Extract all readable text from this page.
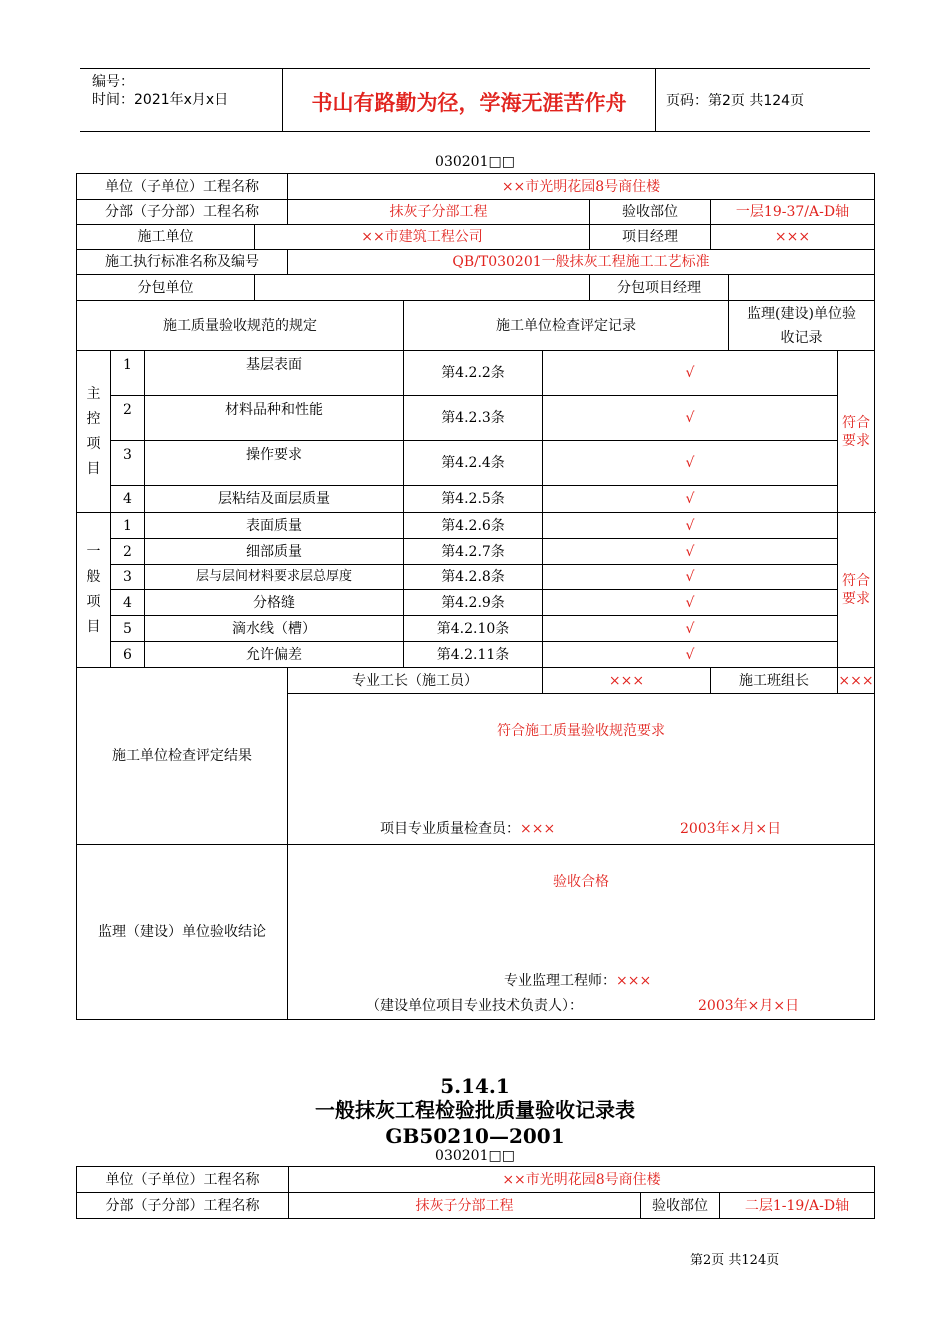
编号：
时间：2021年x月x日	书山有路勤为径，学海无涯苦作舟	页码：第2页 共124页
030201□□
单位（子单位）工程名称				××市光明花园8号商住楼						
分部（子分部）工程名称				抹灰子分部工程			验收部位	一层19-37/A-D轴		
施工单位			××市建筑工程公司				项目经理	×××		
施工执行标准名称及编号				QB/T030201一般抹灰工程施工工艺标准						
分包单位							分包项目经理			
施工质量验收规范的规定					施工单位检查评定记录				监理(建设)单位验
收记录	
主
控
项
目	1	基层表面			第4.2.2条	√				符合要求
	2	材料品种和性能			第4.2.3条	√				
	3	操作要求			第4.2.4条	√				
	4	层粘结及面层质量			第4.2.5条	√				
一
般
项
目	1	表面质量			第4.2.6条	√				符合要求
	2	细部质量			第4.2.7条	√				
	3	层与层间材料要求层总厚度			第4.2.8条	√				
	4	分格缝			第4.2.9条	√				
	5	滴水线（槽）			第4.2.10条	√				
	6	允许偏差			第4.2.11条	√				
施工单位检查评定结果				专业工长（施工员）		×××		施工班组长		×××

				符合施工质量验收规范要求
项目专业质量检查员：××× 2003年×月×日						

监理（建设）单位验收结论				验收合格
专业监理工程师：×××
（建设单位项目专业技术负责人）： 2003年×月×日						
5.14.1
一般抹灰工程检验批质量验收记录表
GB50210—2001
030201□□
单位（子单位）工程名称	××市光明花园8号商住楼		
分部（子分部）工程名称	抹灰子分部工程	验收部位	二层1-19/A-D轴
第2页 共124页
